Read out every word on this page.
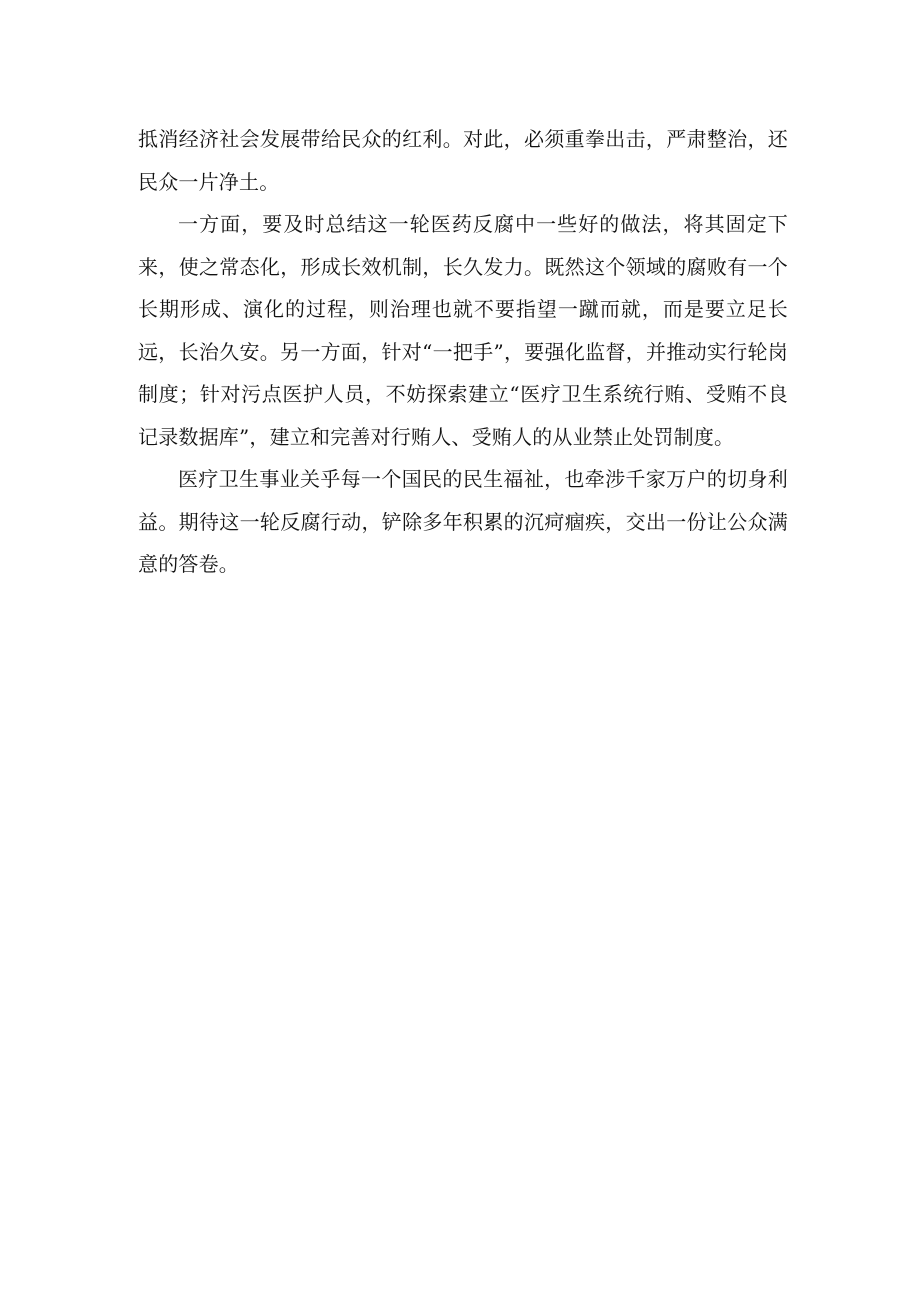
抵消经济社会发展带给民众的红利。对此，必须重拳出击，严肃整治，还民众一片净土。

一方面，要及时总结这一轮医药反腐中一些好的做法，将其固定下来，使之常态化，形成长效机制，长久发力。既然这个领域的腐败有一个长期形成、演化的过程，则治理也就不要指望一蹴而就，而是要立足长远，长治久安。另一方面，针对“一把手”，要强化监督，并推动实行轮岗制度；针对污点医护人员，不妨探索建立“医疗卫生系统行贿、受贿不良记录数据库”，建立和完善对行贿人、受贿人的从业禁止处罚制度。

医疗卫生事业关乎每一个国民的民生福祉，也牵涉千家万户的切身利益。期待这一轮反腐行动，铲除多年积累的沉疴痼疾，交出一份让公众满意的答卷。
